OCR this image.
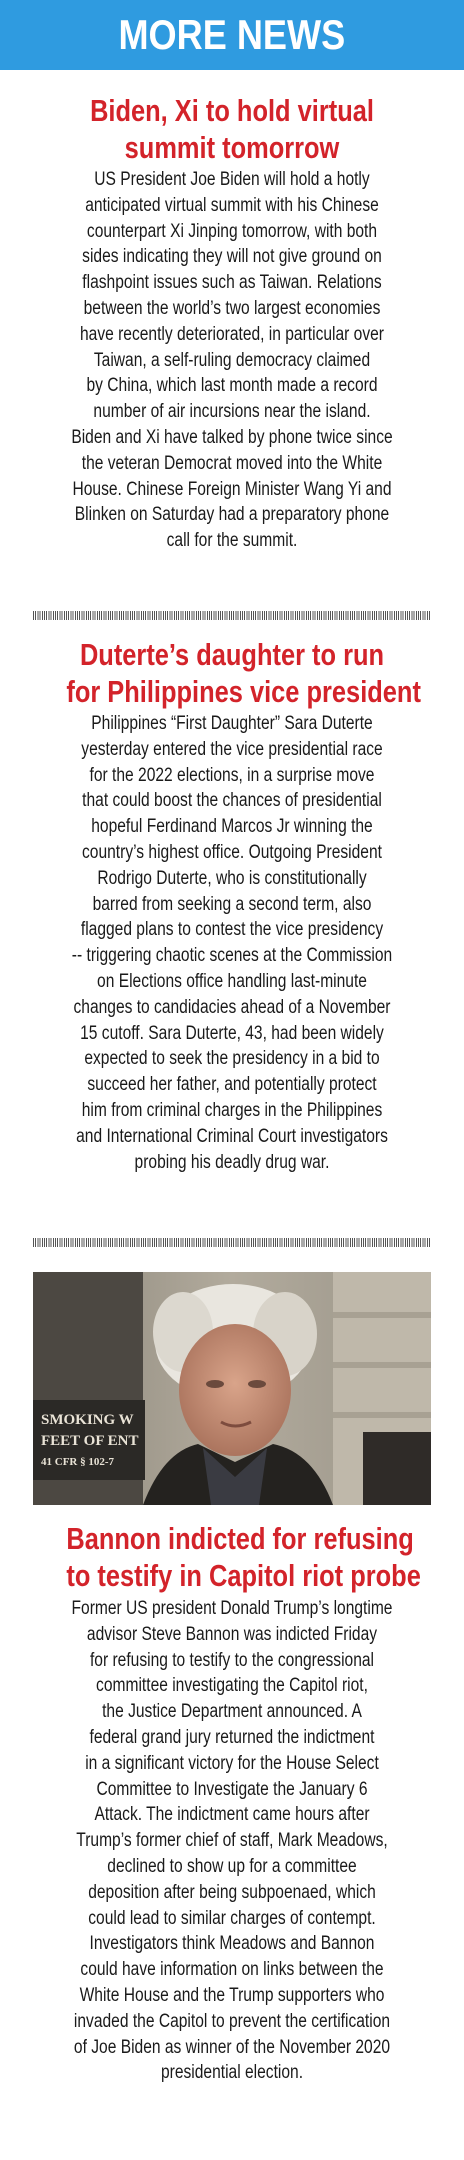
MORE NEWS
Biden, Xi to hold virtual
summit tomorrow
US President Joe Biden will hold a hotly
anticipated virtual summit with his Chinese
counterpart Xi Jinping tomorrow, with both
sides indicating they will not give ground on
flashpoint issues such as Taiwan. Relations
between the world’s two largest economies
have recently deteriorated, in particular over
Taiwan, a self-ruling democracy claimed
by China, which last month made a record
number of air incursions near the island.
Biden and Xi have talked by phone twice since
the veteran Democrat moved into the White
House. Chinese Foreign Minister Wang Yi and
Blinken on Saturday had a preparatory phone
call for the summit.
Duterte’s daughter to run
for Philippines vice president
Philippines “First Daughter” Sara Duterte
yesterday entered the vice presidential race
for the 2022 elections, in a surprise move
that could boost the chances of presidential
hopeful Ferdinand Marcos Jr winning the
country’s highest office. Outgoing President
Rodrigo Duterte, who is constitutionally
barred from seeking a second term, also
flagged plans to contest the vice presidency
-- triggering chaotic scenes at the Commission
on Elections office handling last-minute
changes to candidacies ahead of a November
15 cutoff. Sara Duterte, 43, had been widely
expected to seek the presidency in a bid to
succeed her father, and potentially protect
him from criminal charges in the Philippines
and International Criminal Court investigators
probing his deadly drug war.
SMOKING W
FEET OF ENT
41 CFR § 102-7
Bannon indicted for refusing
to testify in Capitol riot probe
Former US president Donald Trump’s longtime
advisor Steve Bannon was indicted Friday
for refusing to testify to the congressional
committee investigating the Capitol riot,
the Justice Department announced. A
federal grand jury returned the indictment
in a significant victory for the House Select
Committee to Investigate the January 6
Attack. The indictment came hours after
Trump’s former chief of staff, Mark Meadows,
declined to show up for a committee
deposition after being subpoenaed, which
could lead to similar charges of contempt.
Investigators think Meadows and Bannon
could have information on links between the
White House and the Trump supporters who
invaded the Capitol to prevent the certification
of Joe Biden as winner of the November 2020
presidential election.
